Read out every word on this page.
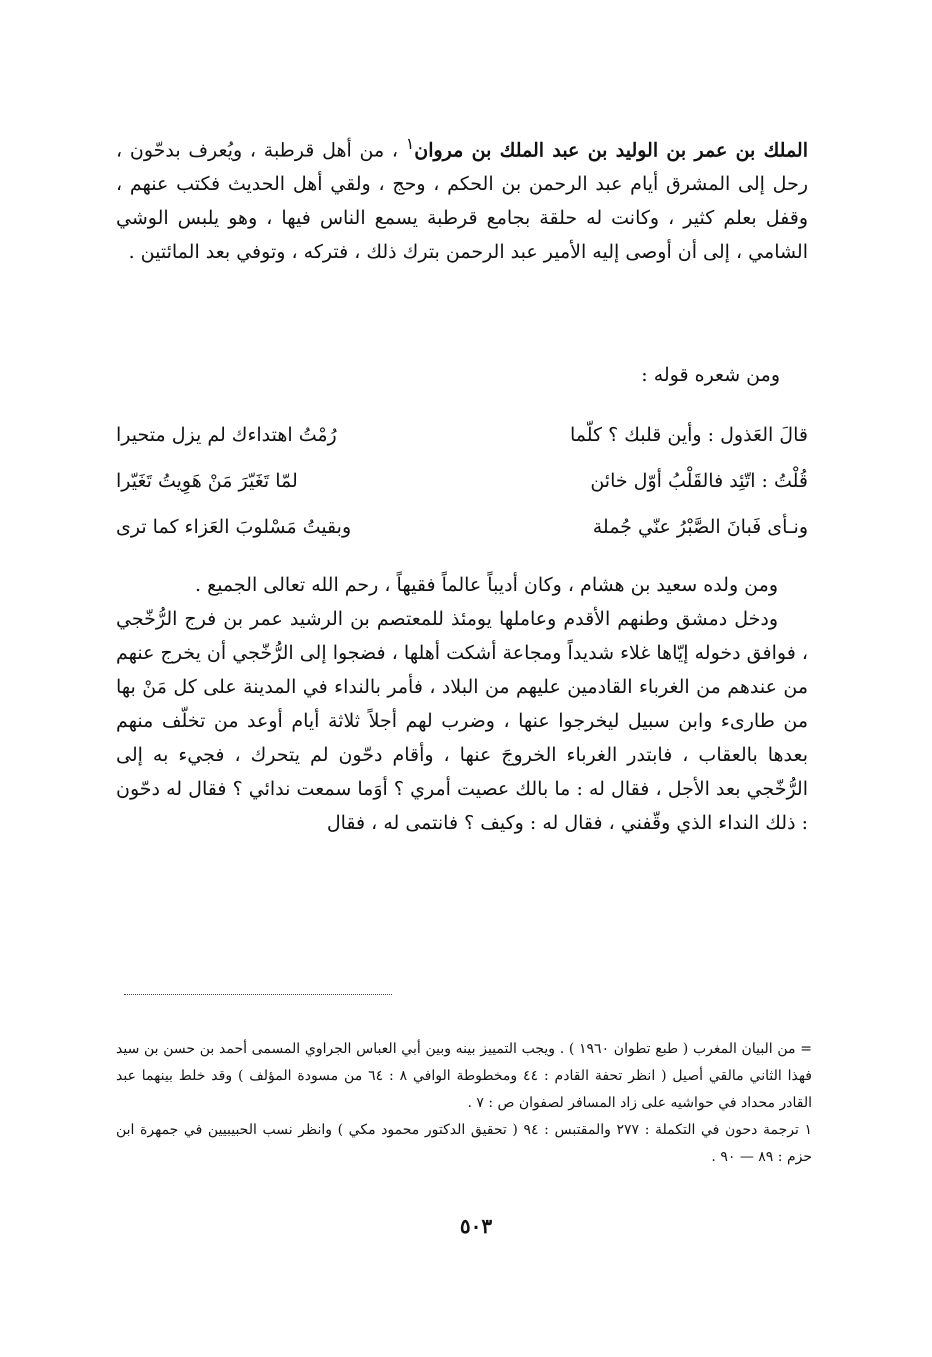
الملك بن عمر بن الوليد بن عبد الملك بن مروان$^١$ ، من أهل قرطبة ، ويُعرف بدحّون ، رحل إلى المشرق أيام عبد الرحمن بن الحكم ، وحج ، ولقي أهل الحديث فكتب عنهم ، وقفل بعلم كثير ، وكانت له حلقة بجامع قرطبة يسمع الناس فيها ، وهو يلبس الوشي الشامي ، إلى أن أوصى إليه الأمير عبد الرحمن بترك ذلك ، فتركه ، وتوفي بعد المائتين .
ومن شعره قوله :
قالَ العَذول : وأين قلبك ؟ كلّما
رُمْتُ اهتداءك لم يزل متحيرا
قُلْتُ : اتّئِد فالقَلْبُ أوّل خائن
لمّا تَغَيّرَ مَنْ هَوِيتُ تَغَيّرا
ونـأى فَبانَ الصَّبْرُ عنّي جُملة
وبقيتُ مَسْلوبَ العَزاء كما ترى

ومن ولده سعيد بن هشام ، وكان أديباً عالماً فقيهاً ، رحم الله تعالى الجميع .

ودخل دمشق وطنهم الأقدم وعاملها يومئذ للمعتصم بن الرشيد عمر بن فرج الرُّخّجي ، فوافق دخوله إيّاها غلاء شديداً ومجاعة أشكت أهلها ، فضجوا إلى الرُّخّجي أن يخرج عنهم من عندهم من الغرباء القادمين عليهم من البلاد ، فأمر بالنداء في المدينة على كل مَنْ بها من طارىء وابن سبيل ليخرجوا عنها ، وضرب لهم أجلاً ثلاثة أيام أوعد من تخلّف منهم بعدها بالعقاب ، فابتدر الغرباء الخروجَ عنها ، وأقام دحّون لم يتحرك ، فجيء به إلى الرُّخّجي بعد الأجل ، فقال له : ما بالك عصيت أمري ؟ أوَما سمعت ندائي ؟ فقال له دحّون : ذلك النداء الذي وقّفني ، فقال له : وكيف ؟ فانتمى له ، فقال

= من البيان المغرب ( طبع تطوان ١٩٦٠ ) . ويجب التمييز بينه وبين أبي العباس الجراوي المسمى أحمد بن حسن بن سيد فهذا الثاني مالقي أصيل ( انظر تحفة القادم : ٤٤ ومخطوطة الوافي ٨ : ٦٤ من مسودة المؤلف ) وقد خلط بينهما عبد القادر محداد في حواشيه على زاد المسافر لصفوان ص : ٧ .

١ ترجمة دحون في التكملة : ٢٧٧ والمقتبس : ٩٤ ( تحقيق الدكتور محمود مكي ) وانظر نسب الحبيبيين في جمهرة ابن حزم : ٨٩ — ٩٠ .

٥٠٣
